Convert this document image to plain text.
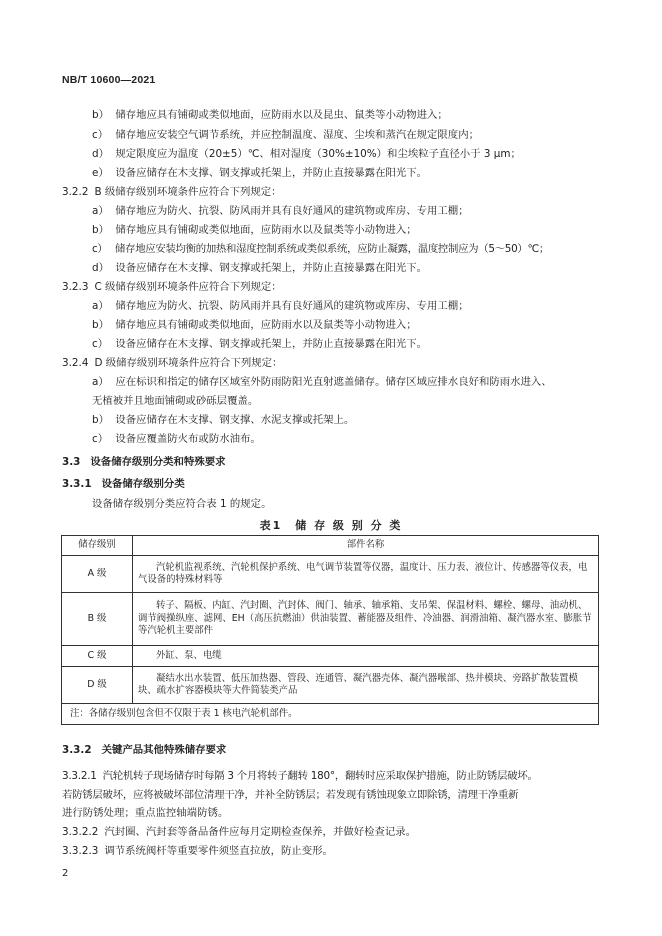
NB/T 10600—2021
b） 储存地应具有铺砌或类似地面，应防雨水以及昆虫、鼠类等小动物进入；
c） 储存地应安装空气调节系统，并应控制温度、湿度、尘埃和蒸汽在规定限度内；
d） 规定限度应为温度（20±5）℃、相对湿度（30%±10%）和尘埃粒子直径小于 3 μm；
e） 设备应储存在木支撑、钢支撑或托架上，并防止直接暴露在阳光下。
3.2.2 B 级储存级别环境条件应符合下列规定：
a） 储存地应为防火、抗裂、防风雨并具有良好通风的建筑物或库房、专用工棚；
b） 储存地应具有铺砌或类似地面，应防雨水以及鼠类等小动物进入；
c） 储存地应安装均衡的加热和湿度控制系统或类似系统，应防止凝露，温度控制应为（5～50）℃；
d） 设备应储存在木支撑、钢支撑或托架上，并防止直接暴露在阳光下。
3.2.3 C 级储存级别环境条件应符合下列规定：
a） 储存地应为防火、抗裂、防风雨并具有良好通风的建筑物或库房、专用工棚；
b） 储存地应具有铺砌或类似地面，应防雨水以及鼠类等小动物进入；
c） 设备应储存在木支撑、钢支撑或托架上，并防止直接暴露在阳光下。
3.2.4 D 级储存级别环境条件应符合下列规定：
a） 应在标识和指定的储存区域室外防雨防阳光直射遮盖储存。储存区域应排水良好和防雨水进入、
无植被并且地面铺砌或砂砾层覆盖。
b） 设备应储存在木支撑、钢支撑、水泥支撑或托架上。
c） 设备应覆盖防火布或防水油布。
3.3 设备储存级别分类和特殊要求
3.3.1 设备储存级别分类
设备储存级别分类应符合表 1 的规定。
表1　储 存 级 别 分 类
储存级别	部件名称
A 级	汽轮机监视系统、汽轮机保护系统、电气调节装置等仪器，温度计、压力表、液位计、传感器等仪表，电气设备的特殊材料等
B 级	转子、隔板、内缸、汽封圈、汽封体、阀门、轴承、轴承箱、支吊架、保温材料、螺栓、螺母、油动机、调节阀操纵座、滤网、EH（高压抗燃油）供油装置、蓄能器及组件、冷油器、润滑油箱、凝汽器水室、膨胀节等汽轮机主要部件
C 级	外缸、泵、电缆
D 级	凝结水出水装置、低压加热器、管段、连通管、凝汽器壳体、凝汽器喉部、热井模块、旁路扩散装置模块、疏水扩容器模块等大件简装类产品
注：各储存级别包含但不仅限于表 1 核电汽轮机部件。	
3.3.2 关键产品其他特殊储存要求
3.3.2.1 汽轮机转子现场储存时每隔 3 个月将转子翻转 180°，翻转时应采取保护措施，防止防锈层破坏。
若防锈层破坏，应将被破坏部位清理干净，并补全防锈层；若发现有锈蚀现象立即除锈，清理干净重新
进行防锈处理；重点监控轴端防锈。
3.3.2.2 汽封圈、汽封套等备品备件应每月定期检查保养，并做好检查记录。
3.3.2.3 调节系统阀杆等重要零件须竖直拉放，防止变形。
2
